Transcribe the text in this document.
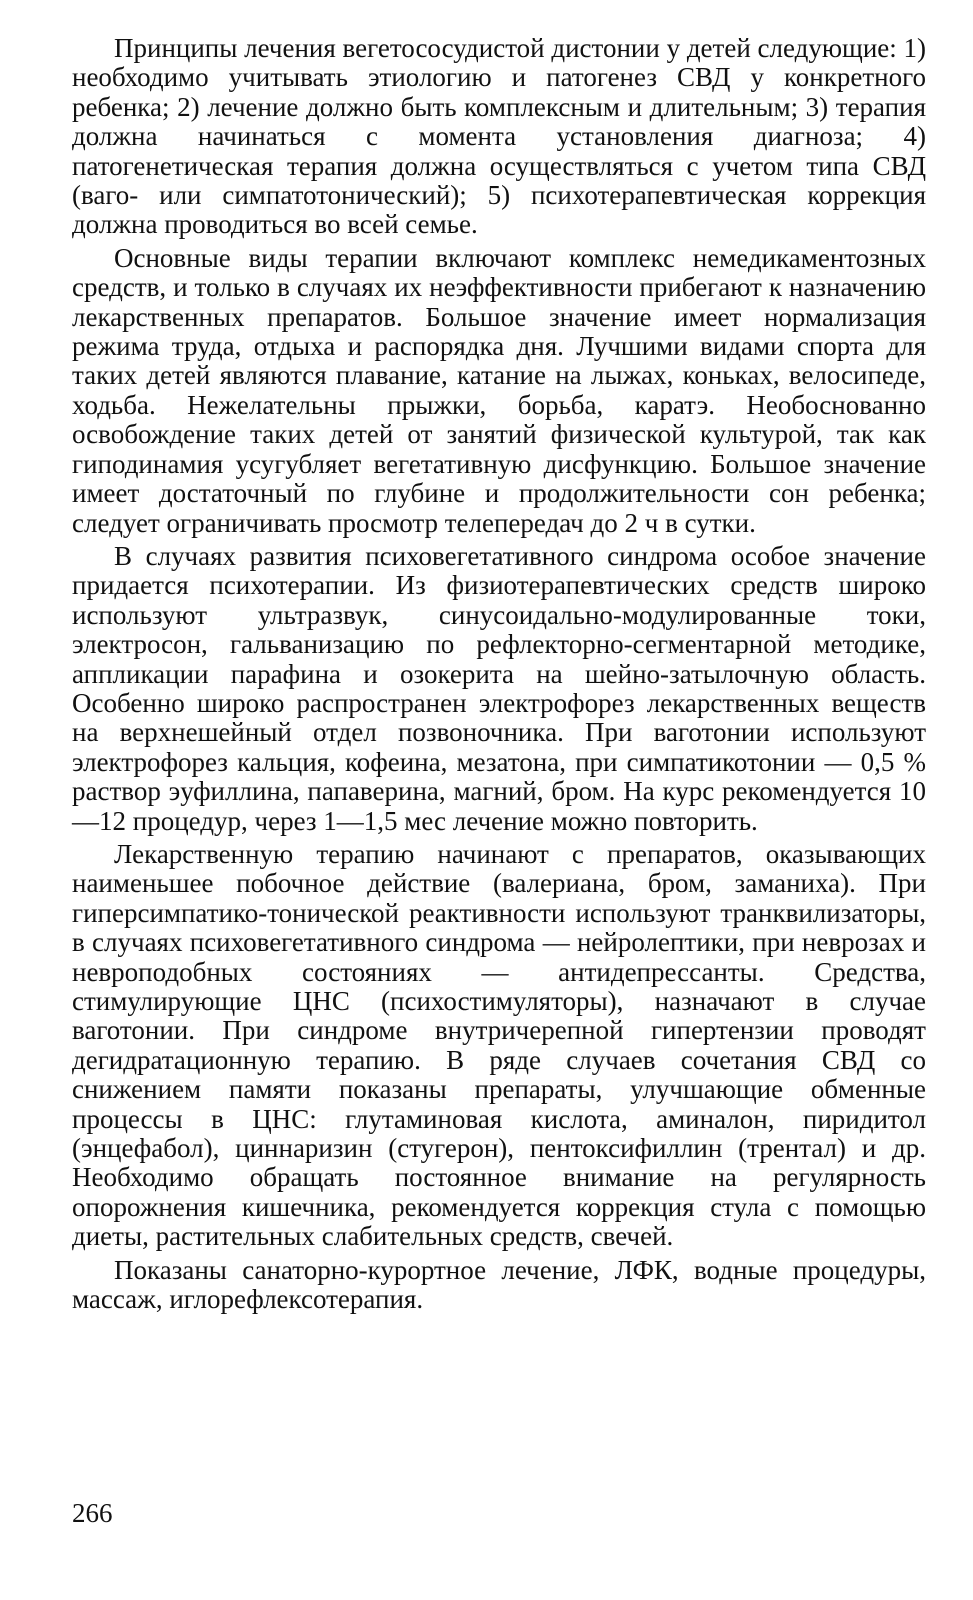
Принципы лечения вегетососудистой дистонии у детей следующие: 1) необходимо учитывать этиологию и патогенез СВД у конкретного ребенка; 2) лечение должно быть комплексным и длительным; 3) терапия должна начинаться с момента установления диагноза; 4) патогенетическая терапия должна осуществляться с учетом типа СВД (ваго- или симпатотонический); 5) психотерапевтическая коррекция должна проводиться во всей семье.

Основные виды терапии включают комплекс немедикаментозных средств, и только в случаях их неэффективности прибегают к назначению лекарственных препаратов. Большое значение имеет нормализация режима труда, отдыха и распорядка дня. Лучшими видами спорта для таких детей являются плавание, катание на лыжах, коньках, велосипеде, ходьба. Нежелательны прыжки, борьба, каратэ. Необоснованно освобождение таких детей от занятий физической культурой, так как гиподинамия усугубляет вегетативную дисфункцию. Большое значение имеет достаточный по глубине и продолжительности сон ребенка; следует ограничивать просмотр телепередач до 2 ч в сутки.

В случаях развития психовегетативного синдрома особое значение придается психотерапии. Из физиотерапевтических средств широко используют ультразвук, синусоидально-модулированные токи, электросон, гальванизацию по рефлекторно-сегментарной методике, аппликации парафина и озокерита на шейно-затылочную область. Особенно широко распространен электрофорез лекарственных веществ на верхнешейный отдел позвоночника. При ваготонии используют электрофорез кальция, кофеина, мезатона, при симпатикотонии — 0,5 % раствор эуфиллина, папаверина, магний, бром. На курс рекомендуется 10—12 процедур, через 1—1,5 мес лечение можно повторить.

Лекарственную терапию начинают с препаратов, оказывающих наименьшее побочное действие (валериана, бром, заманиха). При гиперсимпатико-тонической реактивности используют транквилизаторы, в случаях психовегетативного синдрома — нейролептики, при неврозах и невроподобных состояниях — антидепрессанты. Средства, стимулирующие ЦНС (психостимуляторы), назначают в случае ваготонии. При синдроме внутричерепной гипертензии проводят дегидратационную терапию. В ряде случаев сочетания СВД со снижением памяти показаны препараты, улучшающие обменные процессы в ЦНС: глутаминовая кислота, аминалон, пиридитол (энцефабол), циннаризин (стугерон), пентоксифиллин (трентал) и др. Необходимо обращать постоянное внимание на регулярность опорожнения кишечника, рекомендуется коррекция стула с помощью диеты, растительных слабительных средств, свечей.

Показаны санаторно-курортное лечение, ЛФК, водные процедуры, массаж, иглорефлексотерапия.

266
